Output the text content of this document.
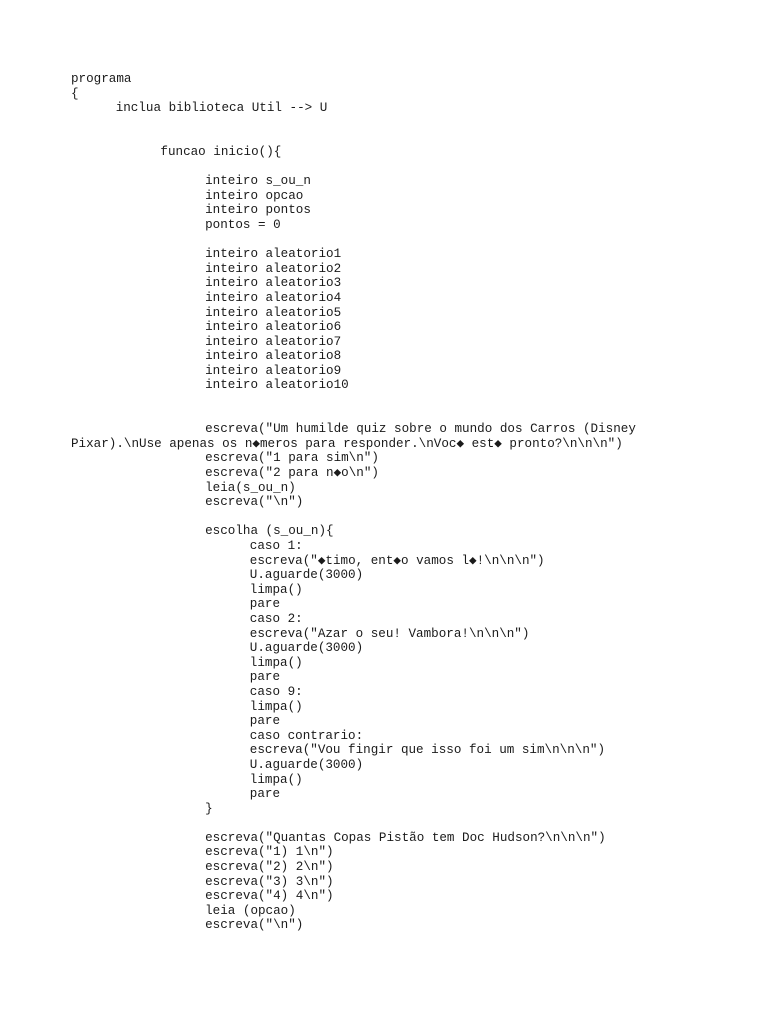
programa
{
inclua biblioteca Util --> U
funcao inicio(){
inteiro s_ou_n
inteiro opcao
inteiro pontos
pontos = 0
inteiro aleatorio1
inteiro aleatorio2
inteiro aleatorio3
inteiro aleatorio4
inteiro aleatorio5
inteiro aleatorio6
inteiro aleatorio7
inteiro aleatorio8
inteiro aleatorio9
inteiro aleatorio10
escreva("Um humilde quiz sobre o mundo dos Carros (Disney
Pixar).\nUse apenas os n◆meros para responder.\nVoc◆ est◆ pronto?\n\n\n")
escreva("1 para sim\n")
escreva("2 para n◆o\n")
leia(s_ou_n)
escreva("\n")
escolha (s_ou_n){
caso 1:
escreva("◆timo, ent◆o vamos l◆!\n\n\n")
U.aguarde(3000)
limpa()
pare
caso 2:
escreva("Azar o seu! Vambora!\n\n\n")
U.aguarde(3000)
limpa()
pare
caso 9:
limpa()
pare
caso contrario:
escreva("Vou fingir que isso foi um sim\n\n\n")
U.aguarde(3000)
limpa()
pare
}
escreva("Quantas Copas Pistão tem Doc Hudson?\n\n\n")
escreva("1) 1\n")
escreva("2) 2\n")
escreva("3) 3\n")
escreva("4) 4\n")
leia (opcao)
escreva("\n")
